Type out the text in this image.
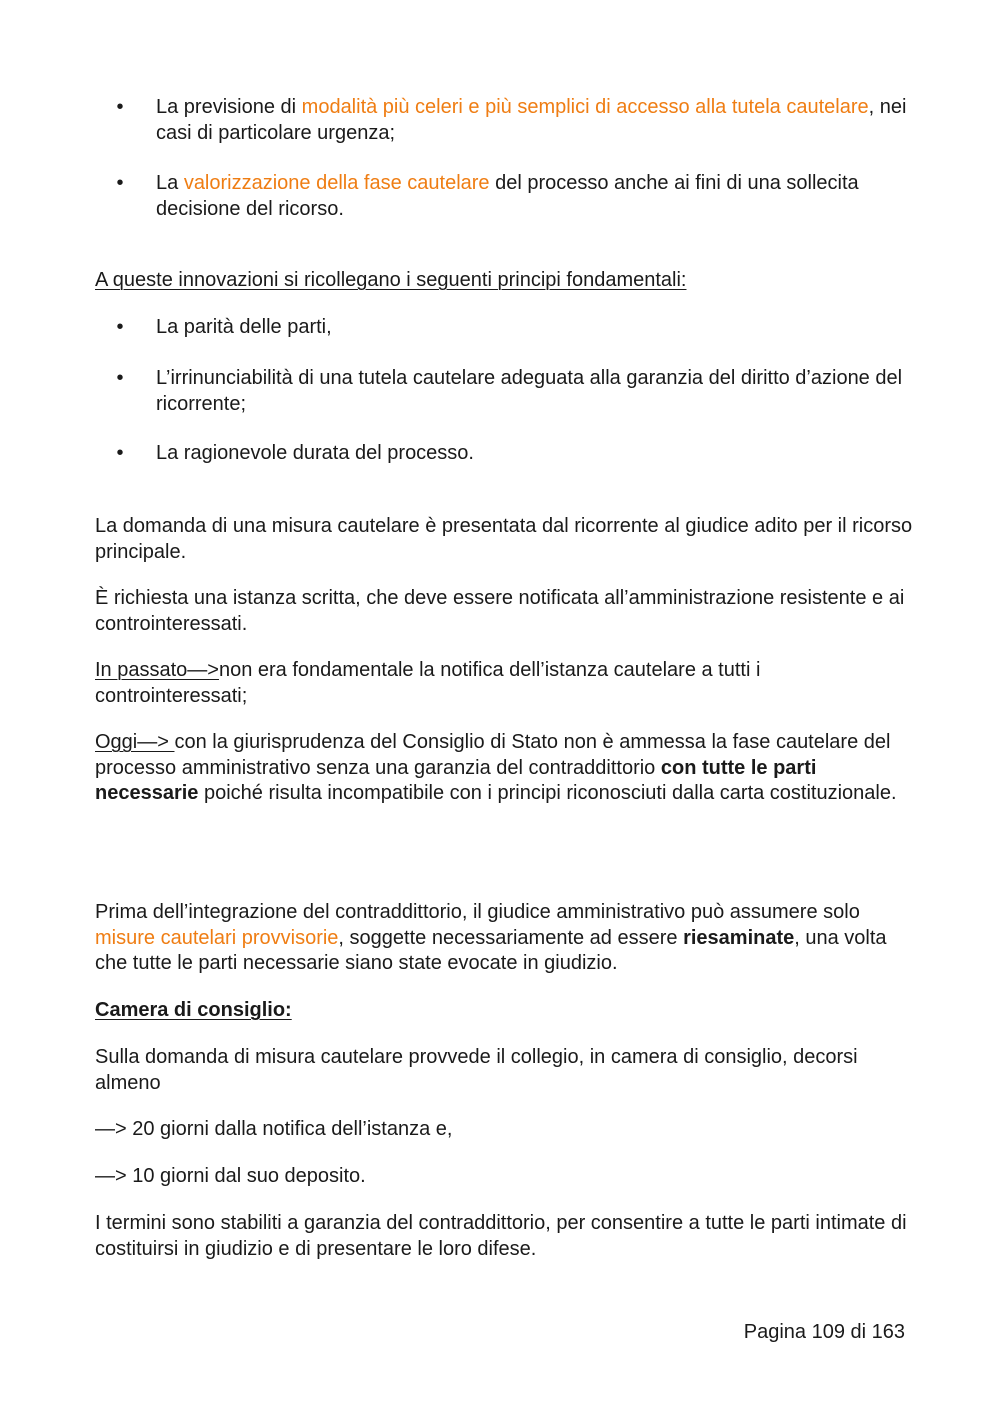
• La previsione di modalità più celeri e più semplici di accesso alla tutela cautelare, nei casi di particolare urgenza;
• La valorizzazione della fase cautelare del processo anche ai fini di una sollecita decisione del ricorso.
A queste innovazioni si ricollegano i seguenti principi fondamentali:
• La parità delle parti,
• L’irrinunciabilità di una tutela cautelare adeguata alla garanzia del diritto d’azione del ricorrente;
• La ragionevole durata del processo.
La domanda di una misura cautelare è presentata dal ricorrente al giudice adito per il ricorso principale.
È richiesta una istanza scritta, che deve essere notificata all’amministrazione resistente e ai controinteressati.
In passato—>non era fondamentale la notifica dell’istanza cautelare a tutti i controinteressati;
Oggi—> con la giurisprudenza del Consiglio di Stato non è ammessa la fase cautelare del processo amministrativo senza una garanzia del contraddittorio con tutte le parti necessarie poiché risulta incompatibile con i principi riconosciuti dalla carta costituzionale.
Prima dell’integrazione del contraddittorio, il giudice amministrativo può assumere solo misure cautelari provvisorie, soggette necessariamente ad essere riesaminate, una volta che tutte le parti necessarie siano state evocate in giudizio.
Camera di consiglio:
Sulla domanda di misura cautelare provvede il collegio, in camera di consiglio, decorsi almeno
—> 20 giorni dalla notifica dell’istanza e,
—> 10 giorni dal suo deposito.
I termini sono stabiliti a garanzia del contraddittorio, per consentire a tutte le parti intimate di costituirsi in giudizio e di presentare le loro difese.
Pagina 109 di 163
